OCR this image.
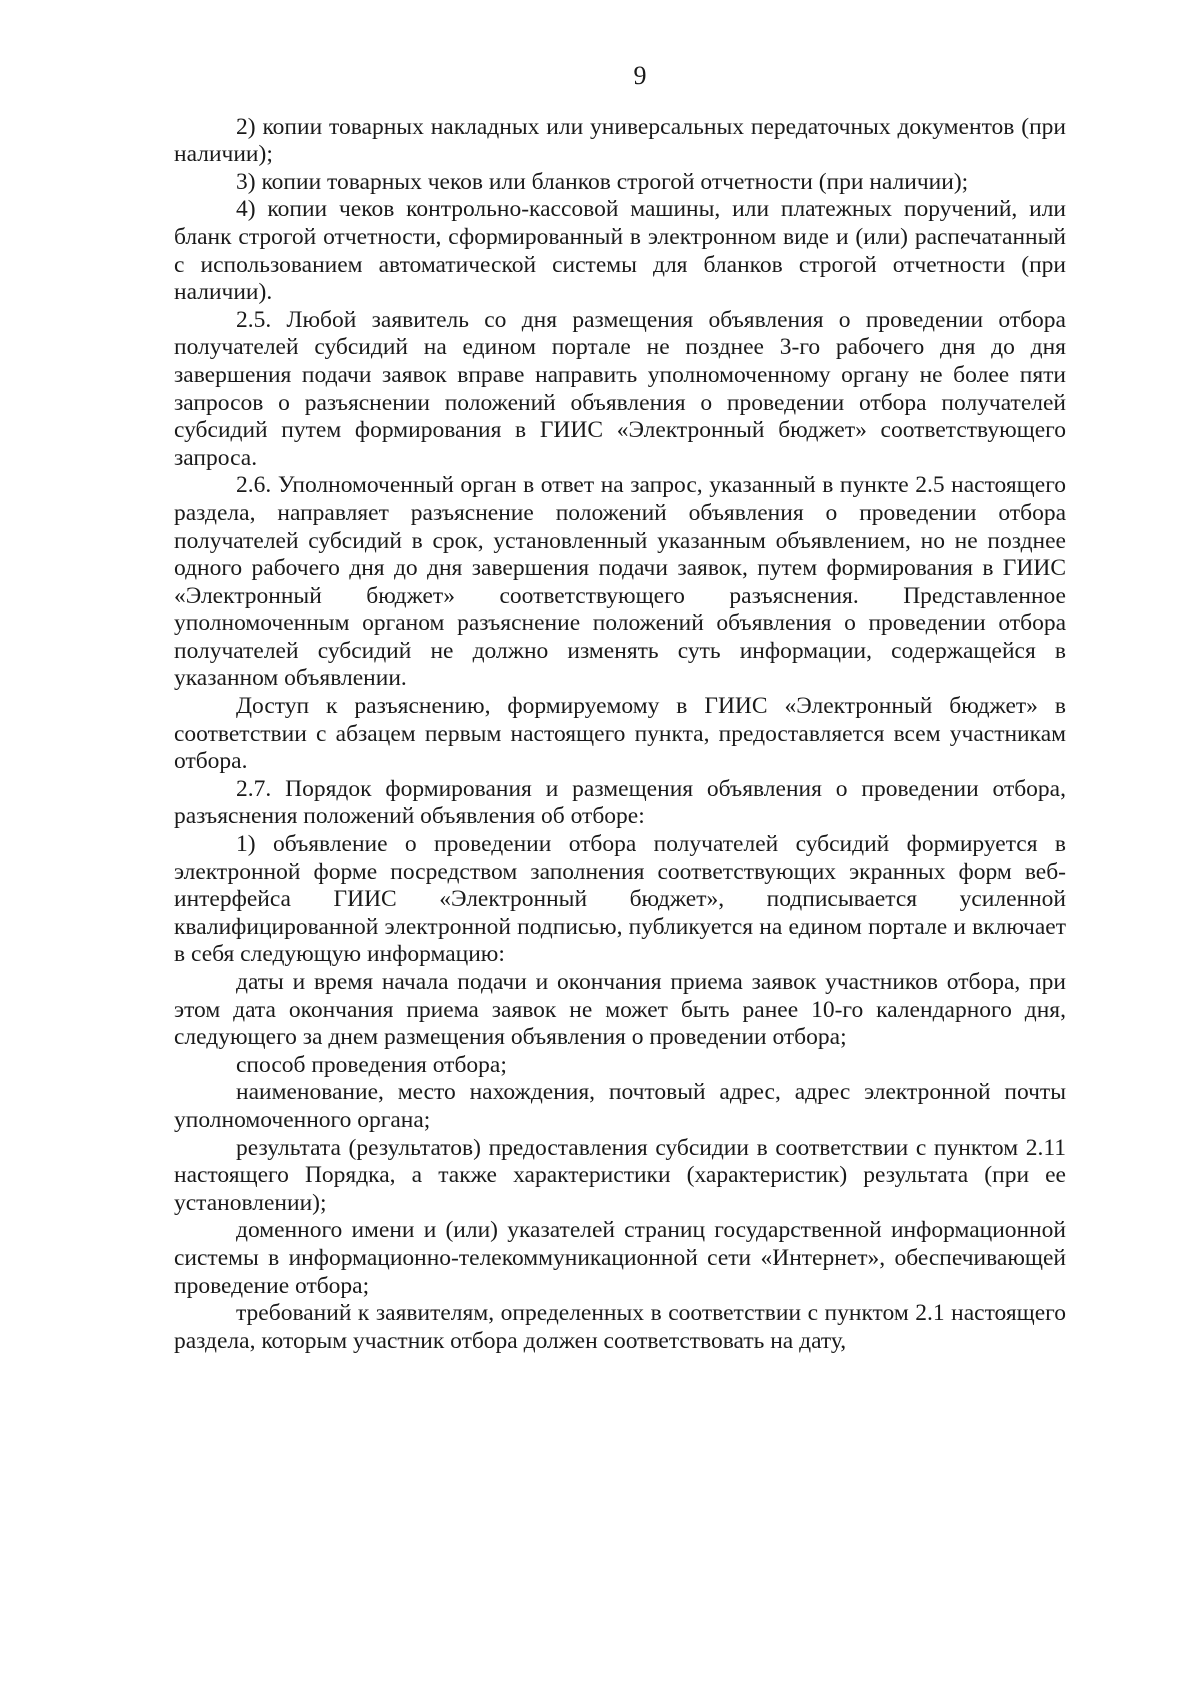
9

2) копии товарных накладных или универсальных передаточных документов (при наличии);

3) копии товарных чеков или бланков строгой отчетности (при наличии);

4) копии чеков контрольно-кассовой машины, или платежных поручений, или бланк строгой отчетности, сформированный в электронном виде и (или) распечатанный с использованием автоматической системы для бланков строгой отчетности (при наличии).

2.5. Любой заявитель со дня размещения объявления о проведении отбора получателей субсидий на едином портале не позднее 3-го рабочего дня до дня завершения подачи заявок вправе направить уполномоченному органу не более пяти запросов о разъяснении положений объявления о проведении отбора получателей субсидий путем формирования в ГИИС «Электронный бюджет» соответствующего запроса.

2.6. Уполномоченный орган в ответ на запрос, указанный в пункте 2.5 настоящего раздела, направляет разъяснение положений объявления о проведении отбора получателей субсидий в срок, установленный указанным объявлением, но не позднее одного рабочего дня до дня завершения подачи заявок, путем формирования в ГИИС «Электронный бюджет» соответствующего разъяснения. Представленное уполномоченным органом разъяснение положений объявления о проведении отбора получателей субсидий не должно изменять суть информации, содержащейся в указанном объявлении.

Доступ к разъяснению, формируемому в ГИИС «Электронный бюджет» в соответствии с абзацем первым настоящего пункта, предоставляется всем участникам отбора.

2.7. Порядок формирования и размещения объявления о проведении отбора, разъяснения положений объявления об отборе:

1) объявление о проведении отбора получателей субсидий формируется в электронной форме посредством заполнения соответствующих экранных форм веб-интерфейса ГИИС «Электронный бюджет», подписывается усиленной квалифицированной электронной подписью, публикуется на едином портале и включает в себя следующую информацию:

даты и время начала подачи и окончания приема заявок участников отбора, при этом дата окончания приема заявок не может быть ранее 10-го календарного дня, следующего за днем размещения объявления о проведении отбора;

способ проведения отбора;

наименование, место нахождения, почтовый адрес, адрес электронной почты уполномоченного органа;

результата (результатов) предоставления субсидии в соответствии с пунктом 2.11 настоящего Порядка, а также характеристики (характеристик) результата (при ее установлении);

доменного имени и (или) указателей страниц государственной информационной системы в информационно-телекоммуникационной сети «Интернет», обеспечивающей проведение отбора;

требований к заявителям, определенных в соответствии с пунктом 2.1 настоящего раздела, которым участник отбора должен соответствовать на дату,
